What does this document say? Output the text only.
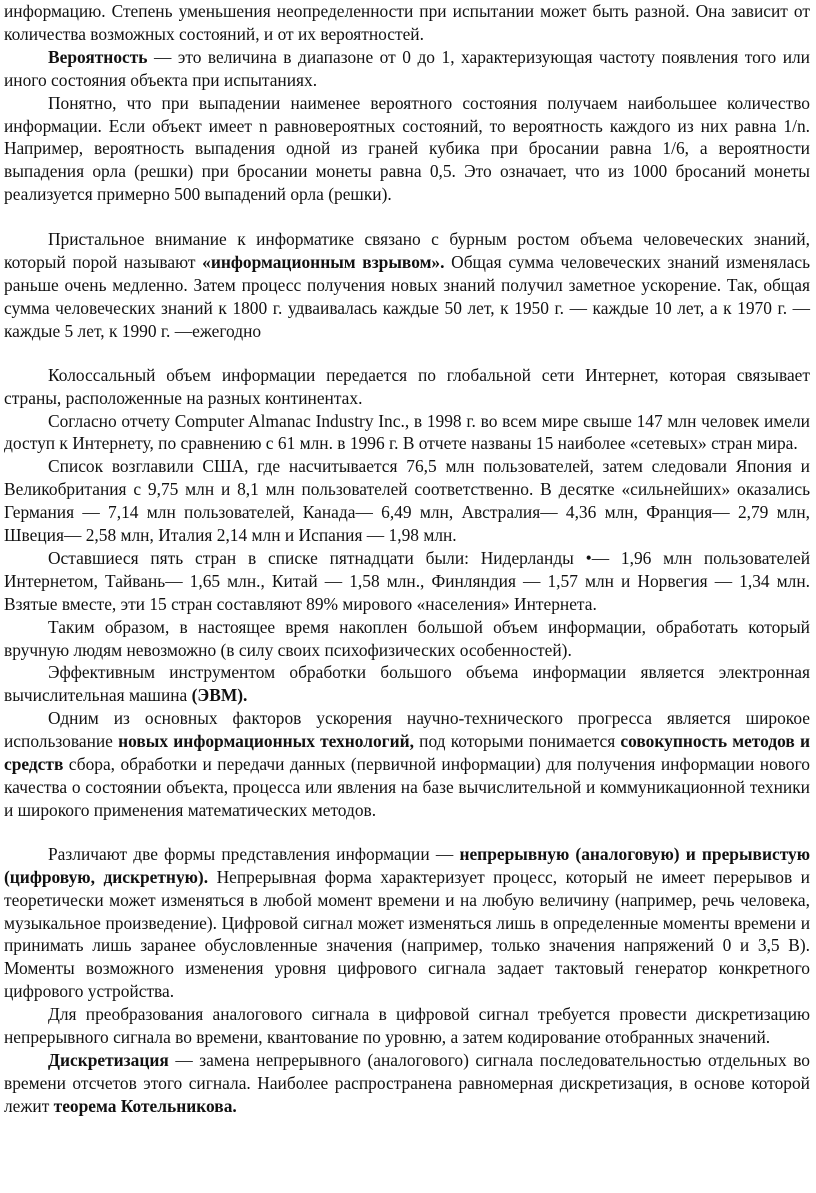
информацию. Степень уменьшения неопределенности при испытании может быть разной. Она зависит от количества возможных состояний, и от их вероятностей.

Вероятность — это величина в диапазоне от 0 до 1, характеризующая частоту появления того или иного состояния объекта при испытаниях.

Понятно, что при выпадении наименее вероятного состояния получаем наибольшее количество информации. Если объект имеет n равновероятных состояний, то вероятность каждого из них равна 1/n. Например, вероятность выпадения одной из граней кубика при бросании равна 1/6, а вероятности выпадения орла (решки) при бросании монеты равна 0,5. Это означает, что из 1000 бросаний монеты реализуется примерно 500 выпадений орла (решки).

Пристальное внимание к информатике связано с бурным ростом объема человеческих знаний, который порой называют «информационным взрывом». Общая сумма человеческих знаний изменялась раньше очень медленно. Затем процесс получения новых знаний получил заметное ускорение. Так, общая сумма человеческих знаний к 1800 г. удваивалась каждые 50 лет, к 1950 г. — каждые 10 лет, а к 1970 г. — каждые 5 лет, к 1990 г. —ежегодно

Колоссальный объем информации передается по глобальной сети Интернет, которая связывает страны, расположенные на разных континентах.

Согласно отчету Computer Almanac Industry Inc., в 1998 г. во всем мире свыше 147 млн человек имели доступ к Интернету, по сравнению с 61 млн. в 1996 г. В отчете названы 15 наиболее «сетевых» стран мира.

Список возглавили США, где насчитывается 76,5 млн пользователей, затем следовали Япония и Великобритания с 9,75 млн и 8,1 млн пользователей соответственно. В десятке «сильнейших» оказались Германия — 7,14 млн пользователей, Канада— 6,49 млн, Австралия— 4,36 млн, Франция— 2,79 млн, Швеция— 2,58 млн, Италия 2,14 млн и Испания — 1,98 млн.

Оставшиеся пять стран в списке пятнадцати были: Нидерланды •— 1,96 млн пользователей Интернетом, Тайвань— 1,65 млн., Китай — 1,58 млн., Финляндия — 1,57 млн и Норвегия — 1,34 млн. Взятые вместе, эти 15 стран составляют 89% мирового «населения» Интернета.

Таким образом, в настоящее время накоплен большой объем информации, обработать который вручную людям невозможно (в силу своих психофизических особенностей).

Эффективным инструментом обработки большого объема информации является электронная вычислительная машина (ЭВМ).

Одним из основных факторов ускорения научно-технического прогресса является широкое использование новых информационных технологий, под которыми понимается совокупность методов и средств сбора, обработки и передачи данных (первичной информации) для получения информации нового качества о состоянии объекта, процесса или явления на базе вычислительной и коммуникационной техники и широкого применения математических методов.

Различают две формы представления информации — непрерывную (аналоговую) и прерывистую (цифровую, дискретную). Непрерывная форма характеризует процесс, который не имеет перерывов и теоретически может изменяться в любой момент времени и на любую величину (например, речь человека, музыкальное произведение). Цифровой сигнал может изменяться лишь в определенные моменты времени и принимать лишь заранее обусловленные значения (например, только значения напряжений 0 и 3,5 В). Моменты возможного изменения уровня цифрового сигнала задает тактовый генератор конкретного цифрового устройства.

Для преобразования аналогового сигнала в цифровой сигнал требуется провести дискретизацию непрерывного сигнала во времени, квантование по уровню, а затем кодирование отобранных значений.

Дискретизация — замена непрерывного (аналогового) сигнала последовательностью отдельных во времени отсчетов этого сигнала. Наиболее распространена равномерная дискретизация, в основе которой лежит теорема Котельникова.
